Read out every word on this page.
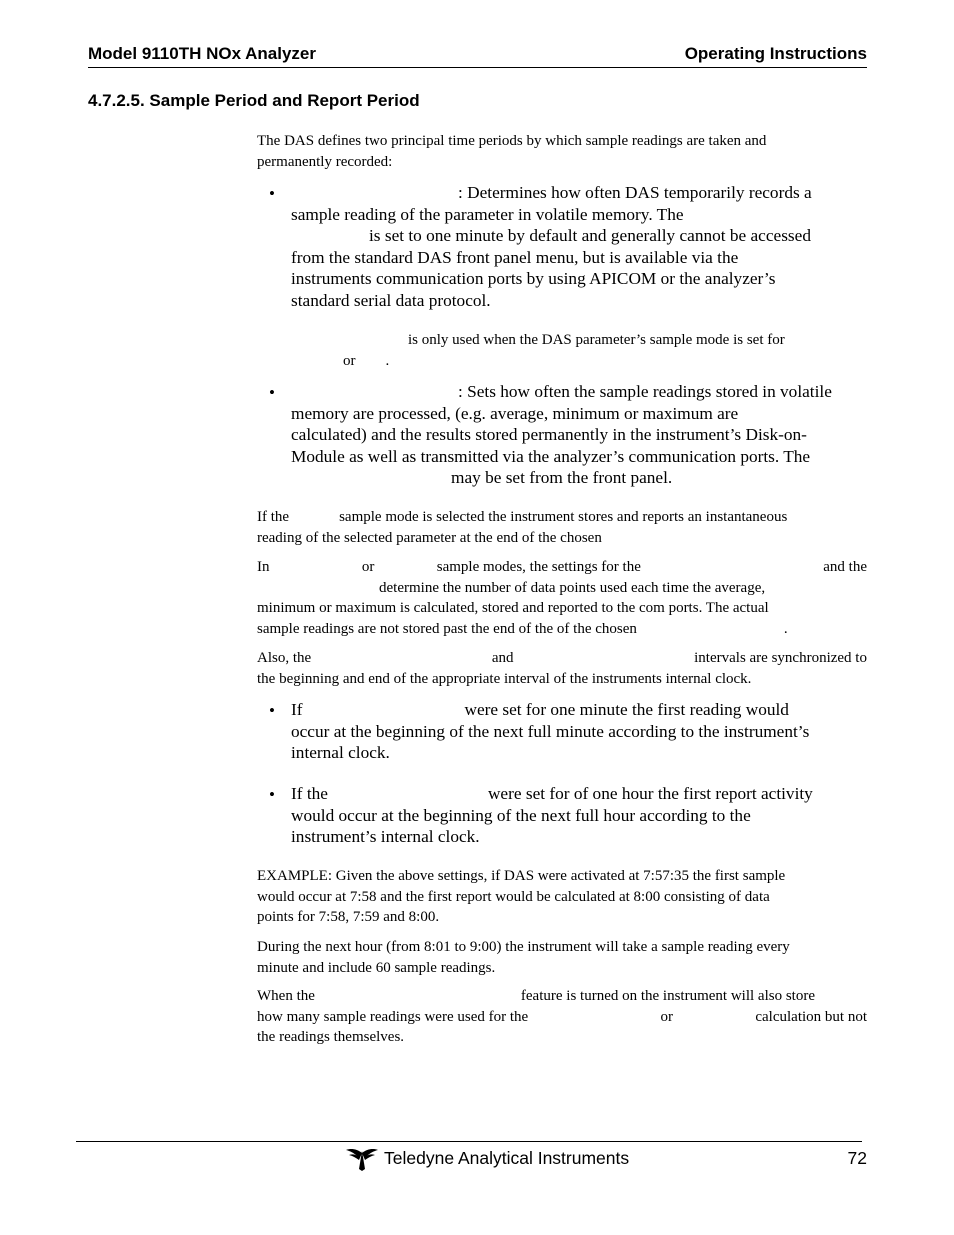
Model 9110TH NOx Analyzer	Operating Instructions
4.7.2.5. Sample Period and Report Period

The DAS defines two principal time periods by which sample readings are taken and
permanently recorded:

•	: Determines how often DAS temporarily records a
sample reading of the parameter in volatile memory. The
is set to one minute by default and generally cannot be accessed
from the standard DAS front panel menu, but is available via the
instruments communication ports by using APICOM or the analyzer’s
standard serial data protocol.

is only used when the DAS parameter’s sample mode is set for
or .

•	: Sets how often the sample readings stored in volatile
memory are processed, (e.g. average, minimum or maximum are
calculated) and the results stored permanently in the instrument’s Disk-on-
Module as well as transmitted via the analyzer’s communication ports. The
may be set from the front panel.

If the	sample mode is selected the instrument stores and reports an instantaneous
reading of the selected parameter at the end of the chosen

In	or	sample modes, the settings for the	and the
determine the number of data points used each time the average,
minimum or maximum is calculated, stored and reported to the com ports. The actual
sample readings are not stored past the end of the of the chosen	.

Also, the	and	intervals are synchronized to
the beginning and end of the appropriate interval of the instruments internal clock.

• If	were set for one minute the first reading would
occur at the beginning of the next full minute according to the instrument’s
internal clock.

• If the	were set for of one hour the first report activity
would occur at the beginning of the next full hour according to the
instrument’s internal clock.

EXAMPLE: Given the above settings, if DAS were activated at 7:57:35 the first sample
would occur at 7:58 and the first report would be calculated at 8:00 consisting of data
points for 7:58, 7:59 and 8:00.

During the next hour (from 8:01 to 9:00) the instrument will take a sample reading every
minute and include 60 sample readings.

When the	feature is turned on the instrument will also store

how many sample readings were used for the	or	calculation but not
the readings themselves.

Teledyne Analytical Instruments	72
